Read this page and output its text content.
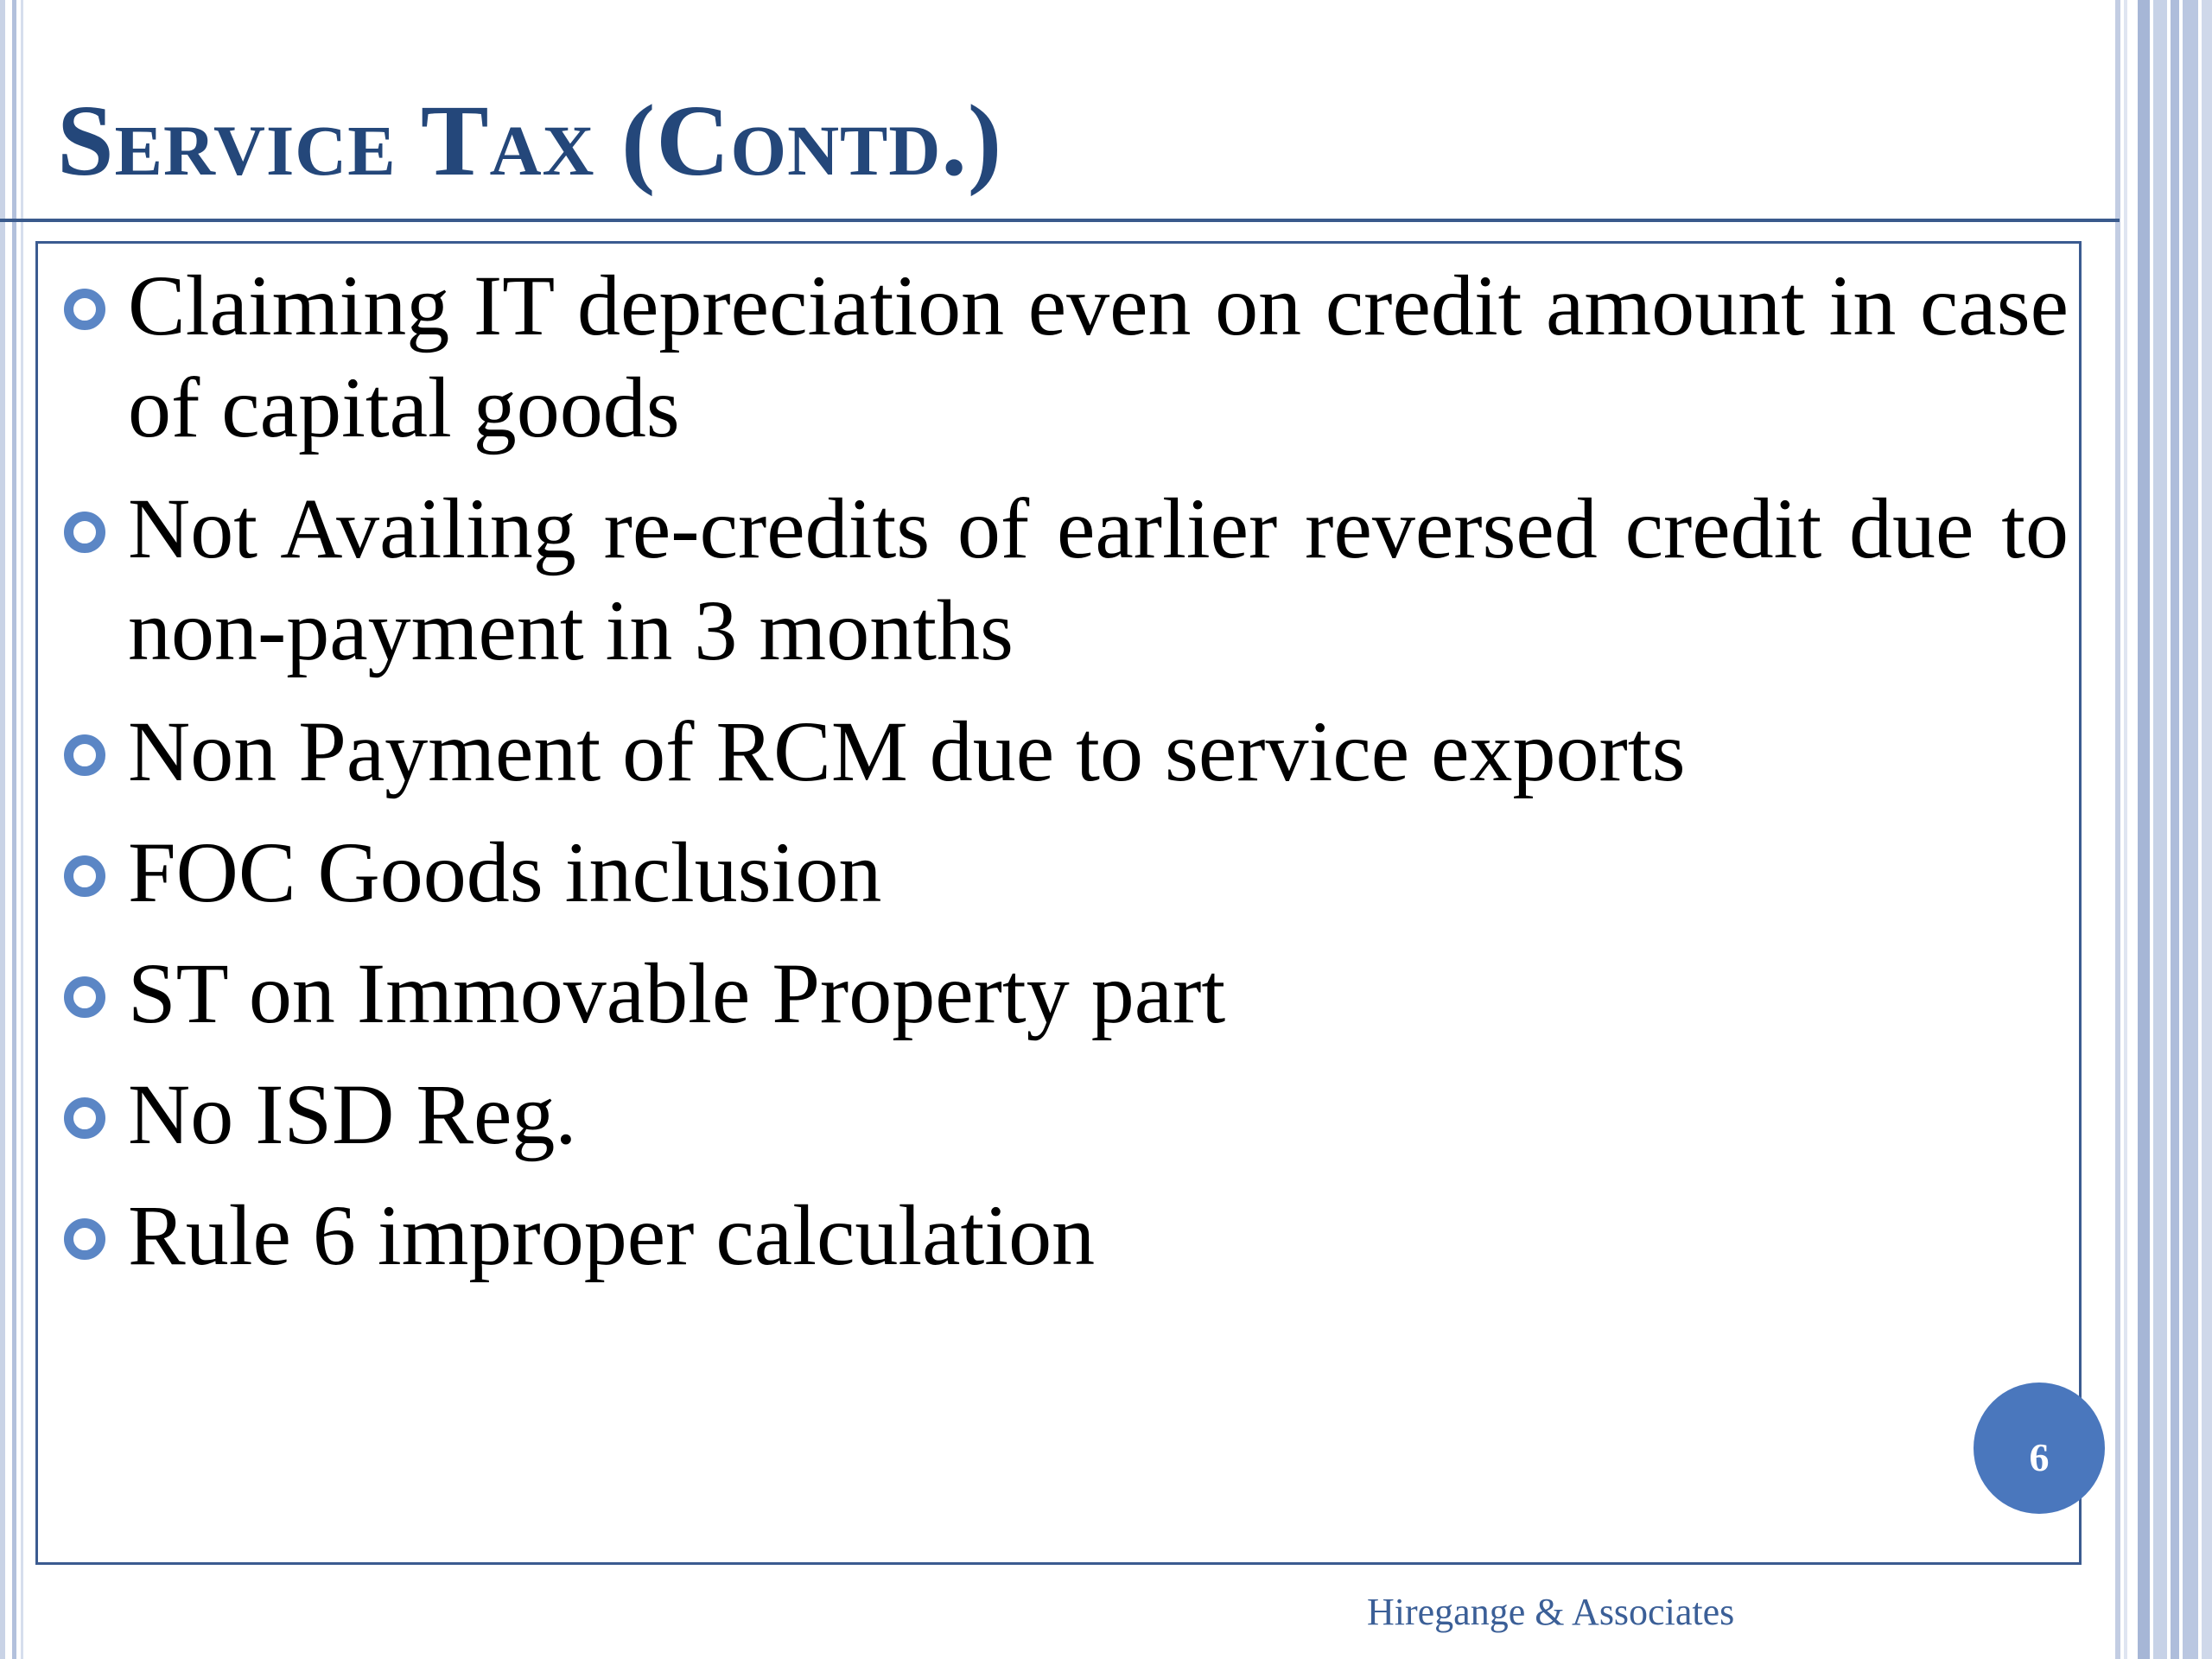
Service Tax (Contd.)
Claiming IT depreciation even on credit amount in case of capital goods
Not Availing re-credits of earlier reversed credit due to non-payment in 3 months
Non Payment of RCM due to service exports
FOC Goods inclusion
ST on Immovable Property part
No ISD Reg.
Rule 6 improper calculation
6
Hiregange & Associates
